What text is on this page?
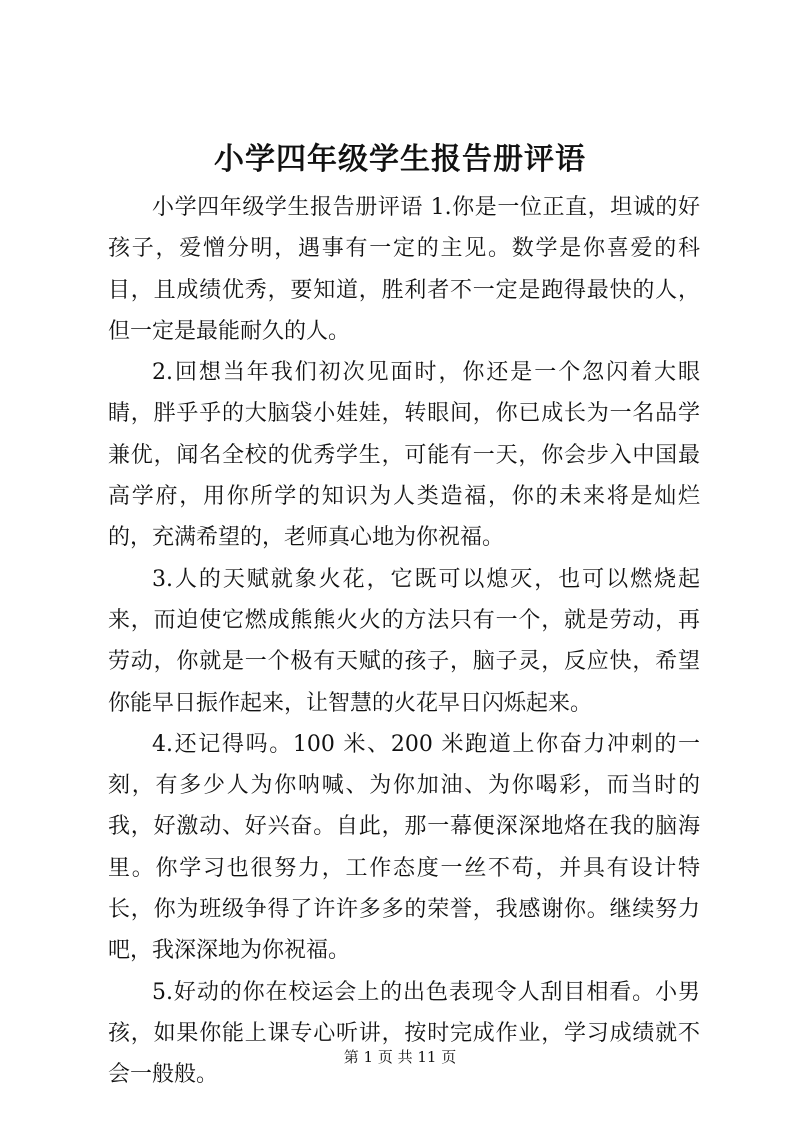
小学四年级学生报告册评语

小学四年级学生报告册评语 1.你是一位正直，坦诚的好孩子，爱憎分明，遇事有一定的主见。数学是你喜爱的科目，且成绩优秀，要知道，胜利者不一定是跑得最快的人，但一定是最能耐久的人。

2.回想当年我们初次见面时，你还是一个忽闪着大眼睛，胖乎乎的大脑袋小娃娃，转眼间，你已成长为一名品学兼优，闻名全校的优秀学生，可能有一天，你会步入中国最高学府，用你所学的知识为人类造福，你的未来将是灿烂的，充满希望的，老师真心地为你祝福。

3.人的天赋就象火花，它既可以熄灭，也可以燃烧起来，而迫使它燃成熊熊火火的方法只有一个，就是劳动，再劳动，你就是一个极有天赋的孩子，脑子灵，反应快，希望你能早日振作起来，让智慧的火花早日闪烁起来。

4.还记得吗。100 米、200 米跑道上你奋力冲刺的一刻，有多少人为你呐喊、为你加油、为你喝彩，而当时的我，好激动、好兴奋。自此，那一幕便深深地烙在我的脑海里。你学习也很努力，工作态度一丝不苟，并具有设计特长，你为班级争得了许许多多的荣誉，我感谢你。继续努力吧，我深深地为你祝福。

5.好动的你在校运会上的出色表现令人刮目相看。小男孩，如果你能上课专心听讲，按时完成作业，学习成绩就不会一般般。

第 1 页 共 11 页
